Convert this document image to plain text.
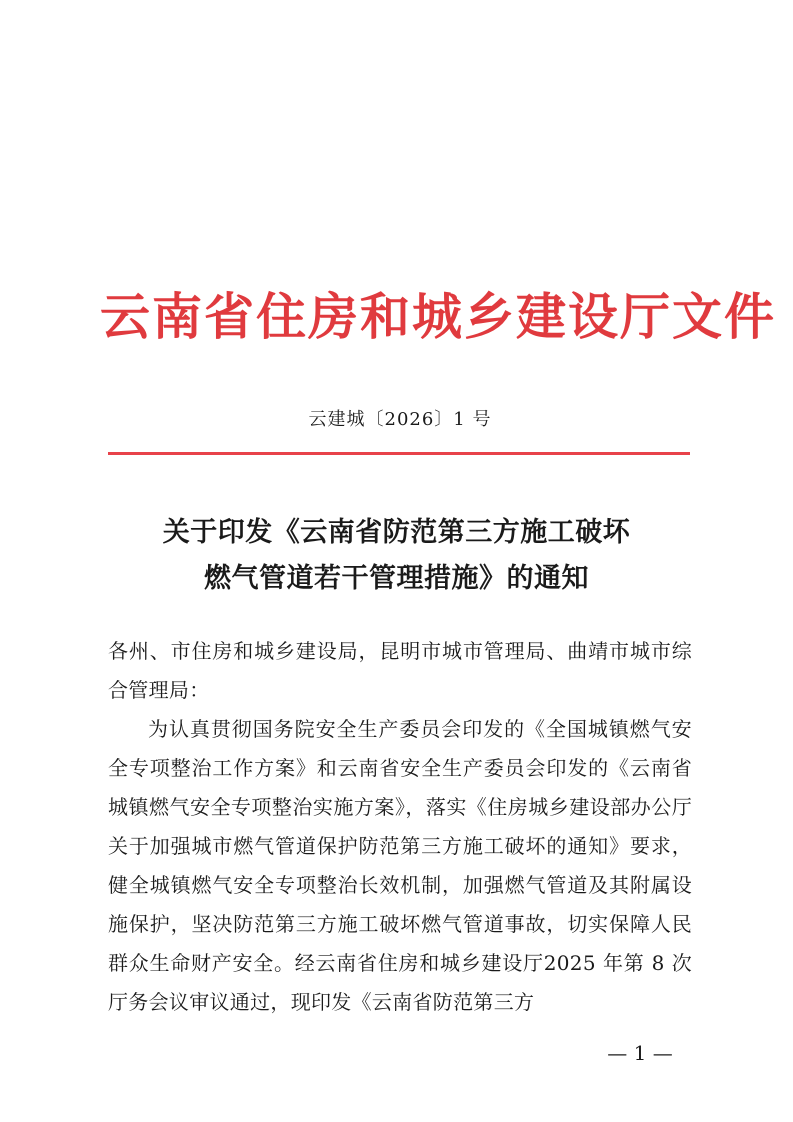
云南省住房和城乡建设厅文件
云建城〔2026〕1 号
关于印发《云南省防范第三方施工破坏
燃气管道若干管理措施》的通知

各州、市住房和城乡建设局，昆明市城市管理局、曲靖市城市综合管理局：

为认真贯彻国务院安全生产委员会印发的《全国城镇燃气安全专项整治工作方案》和云南省安全生产委员会印发的《云南省城镇燃气安全专项整治实施方案》，落实《住房城乡建设部办公厅关于加强城市燃气管道保护防范第三方施工破坏的通知》要求，健全城镇燃气安全专项整治长效机制，加强燃气管道及其附属设施保护，坚决防范第三方施工破坏燃气管道事故，切实保障人民群众生命财产安全。经云南省住房和城乡建设厅2025 年第 8 次厅务会议审议通过，现印发《云南省防范第三方

— 1 —
